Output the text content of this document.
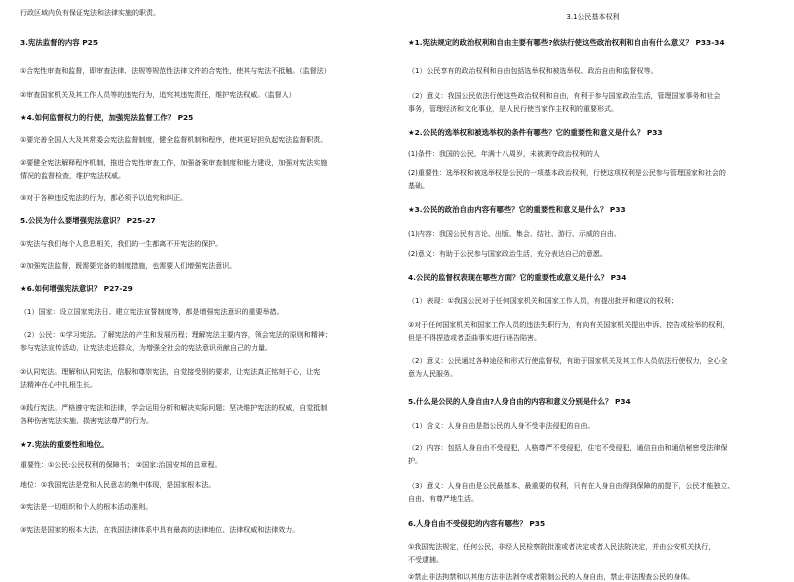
行政区域内负有保证宪法和法律实施的职责。
3.宪法监督的内容 P25
①合宪性审查和监督，即审查法律、法规等规范性法律文件的合宪性，使其与宪法不抵触。（监督法）
②审查国家机关及其工作人员等的违宪行为，追究其违宪责任，维护宪法权威。（监督人）
★4.如何监督权力的行使，加强宪法监督工作？ P25
①要完善全国人大及其常委会宪法监督制度，健全监督机制和程序，使其更好担负起宪法监督职责。
②要健全宪法解释程序机制，推进合宪性审查工作，加强备案审查制度和能力建设，加强对宪法实施
情况的监督检查，维护宪法权威。
③对于各种违反宪法的行为，都必须予以追究和纠正。
5.公民为什么要增强宪法意识？ P25-27
①宪法与我们每个人息息相关，我们的一生都离不开宪法的保护。
②加强宪法监督，既需要完备的制度措施，也需要人们增强宪法意识。
★6.如何增强宪法意识？ P27-29
（1）国家：设立国家宪法日、建立宪法宣誓制度等，都是增强宪法意识的重要举措。
（2）公民：①学习宪法。了解宪法的产生和发展历程；理解宪法主要内容，领会宪法的原则和精神；
参与宪法宣传活动，让宪法走近群众，为增强全社会的宪法意识贡献自己的力量。
②认同宪法。理解和认同宪法，信服和尊崇宪法，自觉接受别的要求，让宪法真正铭刻于心，让宪
法精神在心中扎根生长。
③践行宪法。严格遵守宪法和法律，学会运用分析和解决实际问题；坚决维护宪法的权威，自觉抵制
各种伤害宪法实施、损害宪法尊严的行为。
★7.宪法的重要性和地位。
重要性：①公民:公民权利的保障书； ②国家:治国安邦的总章程。
地位：①我国宪法是党和人民意志的集中体现，是国家根本法。
②宪法是一切组织和个人的根本活动准则。
③宪法是国家的根本大法，在我国法律体系中具有最高的法律地位、法律权威和法律效力。
3.1公民基本权利
★1.宪法规定的政治权利和自由主要有哪些?依法行使这些政治权利和自由有什么意义？ P33-34
（1）公民享有的政治权利和自由包括选举权和被选举权、政治自由和监督权等。
（2）意义：我国公民依法行使这些政治权利和自由，有利于参与国家政治生活，管理国家事务和社会
事务，管理经济和文化事业，是人民行使当家作主权利的重要形式。
★2.公民的选举权和被选举权的条件有哪些？它的重要性和意义是什么？ P33
(1)条件：我国的公民，年满十八周岁，未被剥夺政治权利的人
(2)重要性：选举权和被选举权是公民的一项基本政治权利，行使这项权利是公民参与管理国家和社会的
基础。
★3.公民的政治自由内容有哪些？它的重要性和意义是什么？ P33
(1)内容：我国公民有言论、出版、集会、结社、游行、示威的自由。
(2)意义：有助于公民参与国家政治生活，充分表达自己的意愿。
4.公民的监督权表现在哪些方面？它的重要性或意义是什么？ P34
（1）表现：①我国公民对于任何国家机关和国家工作人员，有提出批评和建议的权利；
②对于任何国家机关和国家工作人员的违法失职行为，有向有关国家机关提出申诉、控告或检举的权利，
但是不得捏造或者歪曲事实进行诬告陷害。
（2）意义：公民通过各种途径和形式行使监督权，有助于国家机关及其工作人员依法行使权力，全心全
意为人民服务。
5.什么是公民的人身自由?人身自由的内容和意义分别是什么？ P34
（1）含义：人身自由是指公民的人身不受非法侵犯的自由。
（2）内容：包括人身自由不受侵犯，人格尊严不受侵犯，住宅不受侵犯，通信自由和通信秘密受法律保
护。
（3）意义：人身自由是公民最基本、最重要的权利，只有在人身自由得到保障的前提下，公民才能独立、
自由、有尊严地生活。
6.人身自由不受侵犯的内容有哪些？ P35
①我国宪法规定，任何公民，非经人民检察院批准或者决定或者人民法院决定，并由公安机关执行，
不受逮捕。
②禁止非法拘禁和以其他方法非法剥夺或者限制公民的人身自由，禁止非法搜查公民的身体。
